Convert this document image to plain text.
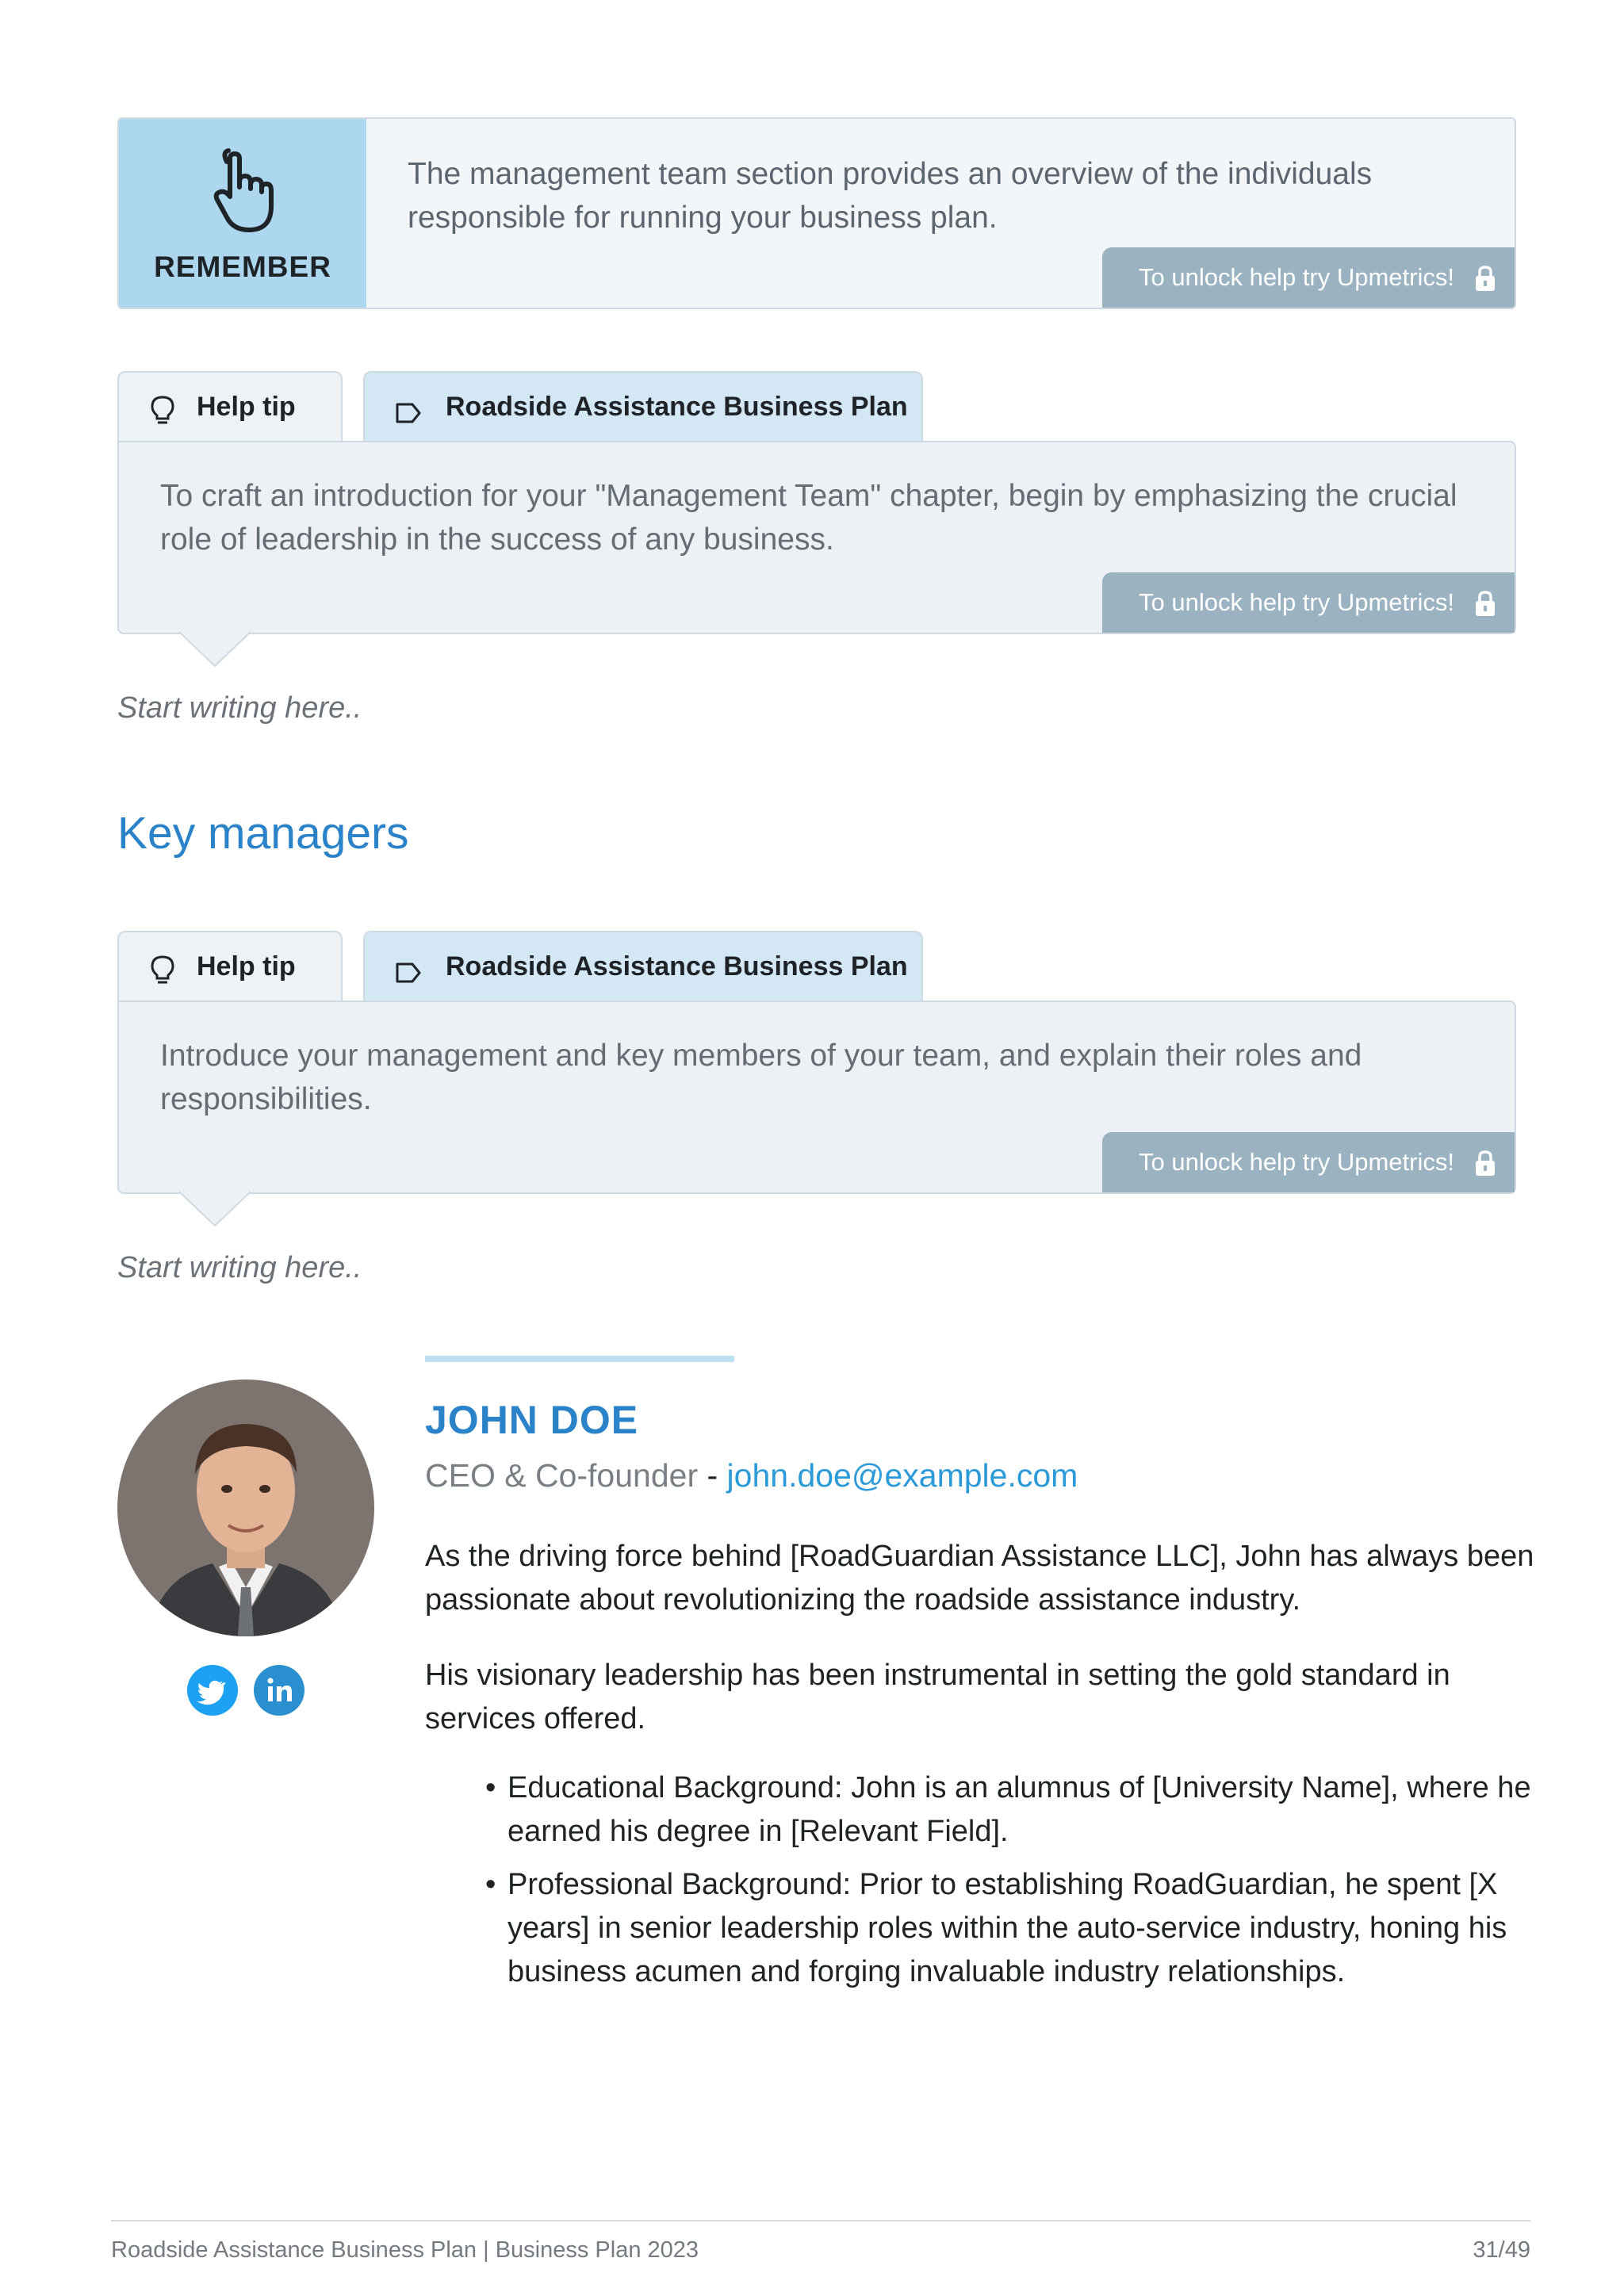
REMEMBER
The management team section provides an overview of the individuals responsible for running your business plan.
To unlock help try Upmetrics!
Help tip	Roadside Assistance Business Plan
To craft an introduction for your "Management Team" chapter, begin by emphasizing the crucial role of leadership in the success of any business.
To unlock help try Upmetrics!
Start writing here..
Key managers
Help tip	Roadside Assistance Business Plan
Introduce your management and key members of your team, and explain their roles and responsibilities.
To unlock help try Upmetrics!
Start writing here..
JOHN DOE
CEO & Co-founder - john.doe@example.com
As the driving force behind [RoadGuardian Assistance LLC], John has always been passionate about revolutionizing the roadside assistance industry.
His visionary leadership has been instrumental in setting the gold standard in services offered.
• Educational Background: John is an alumnus of [University Name], where he earned his degree in [Relevant Field].
• Professional Background: Prior to establishing RoadGuardian, he spent [X years] in senior leadership roles within the auto-service industry, honing his business acumen and forging invaluable industry relationships.
Roadside Assistance Business Plan | Business Plan 2023	31/49
